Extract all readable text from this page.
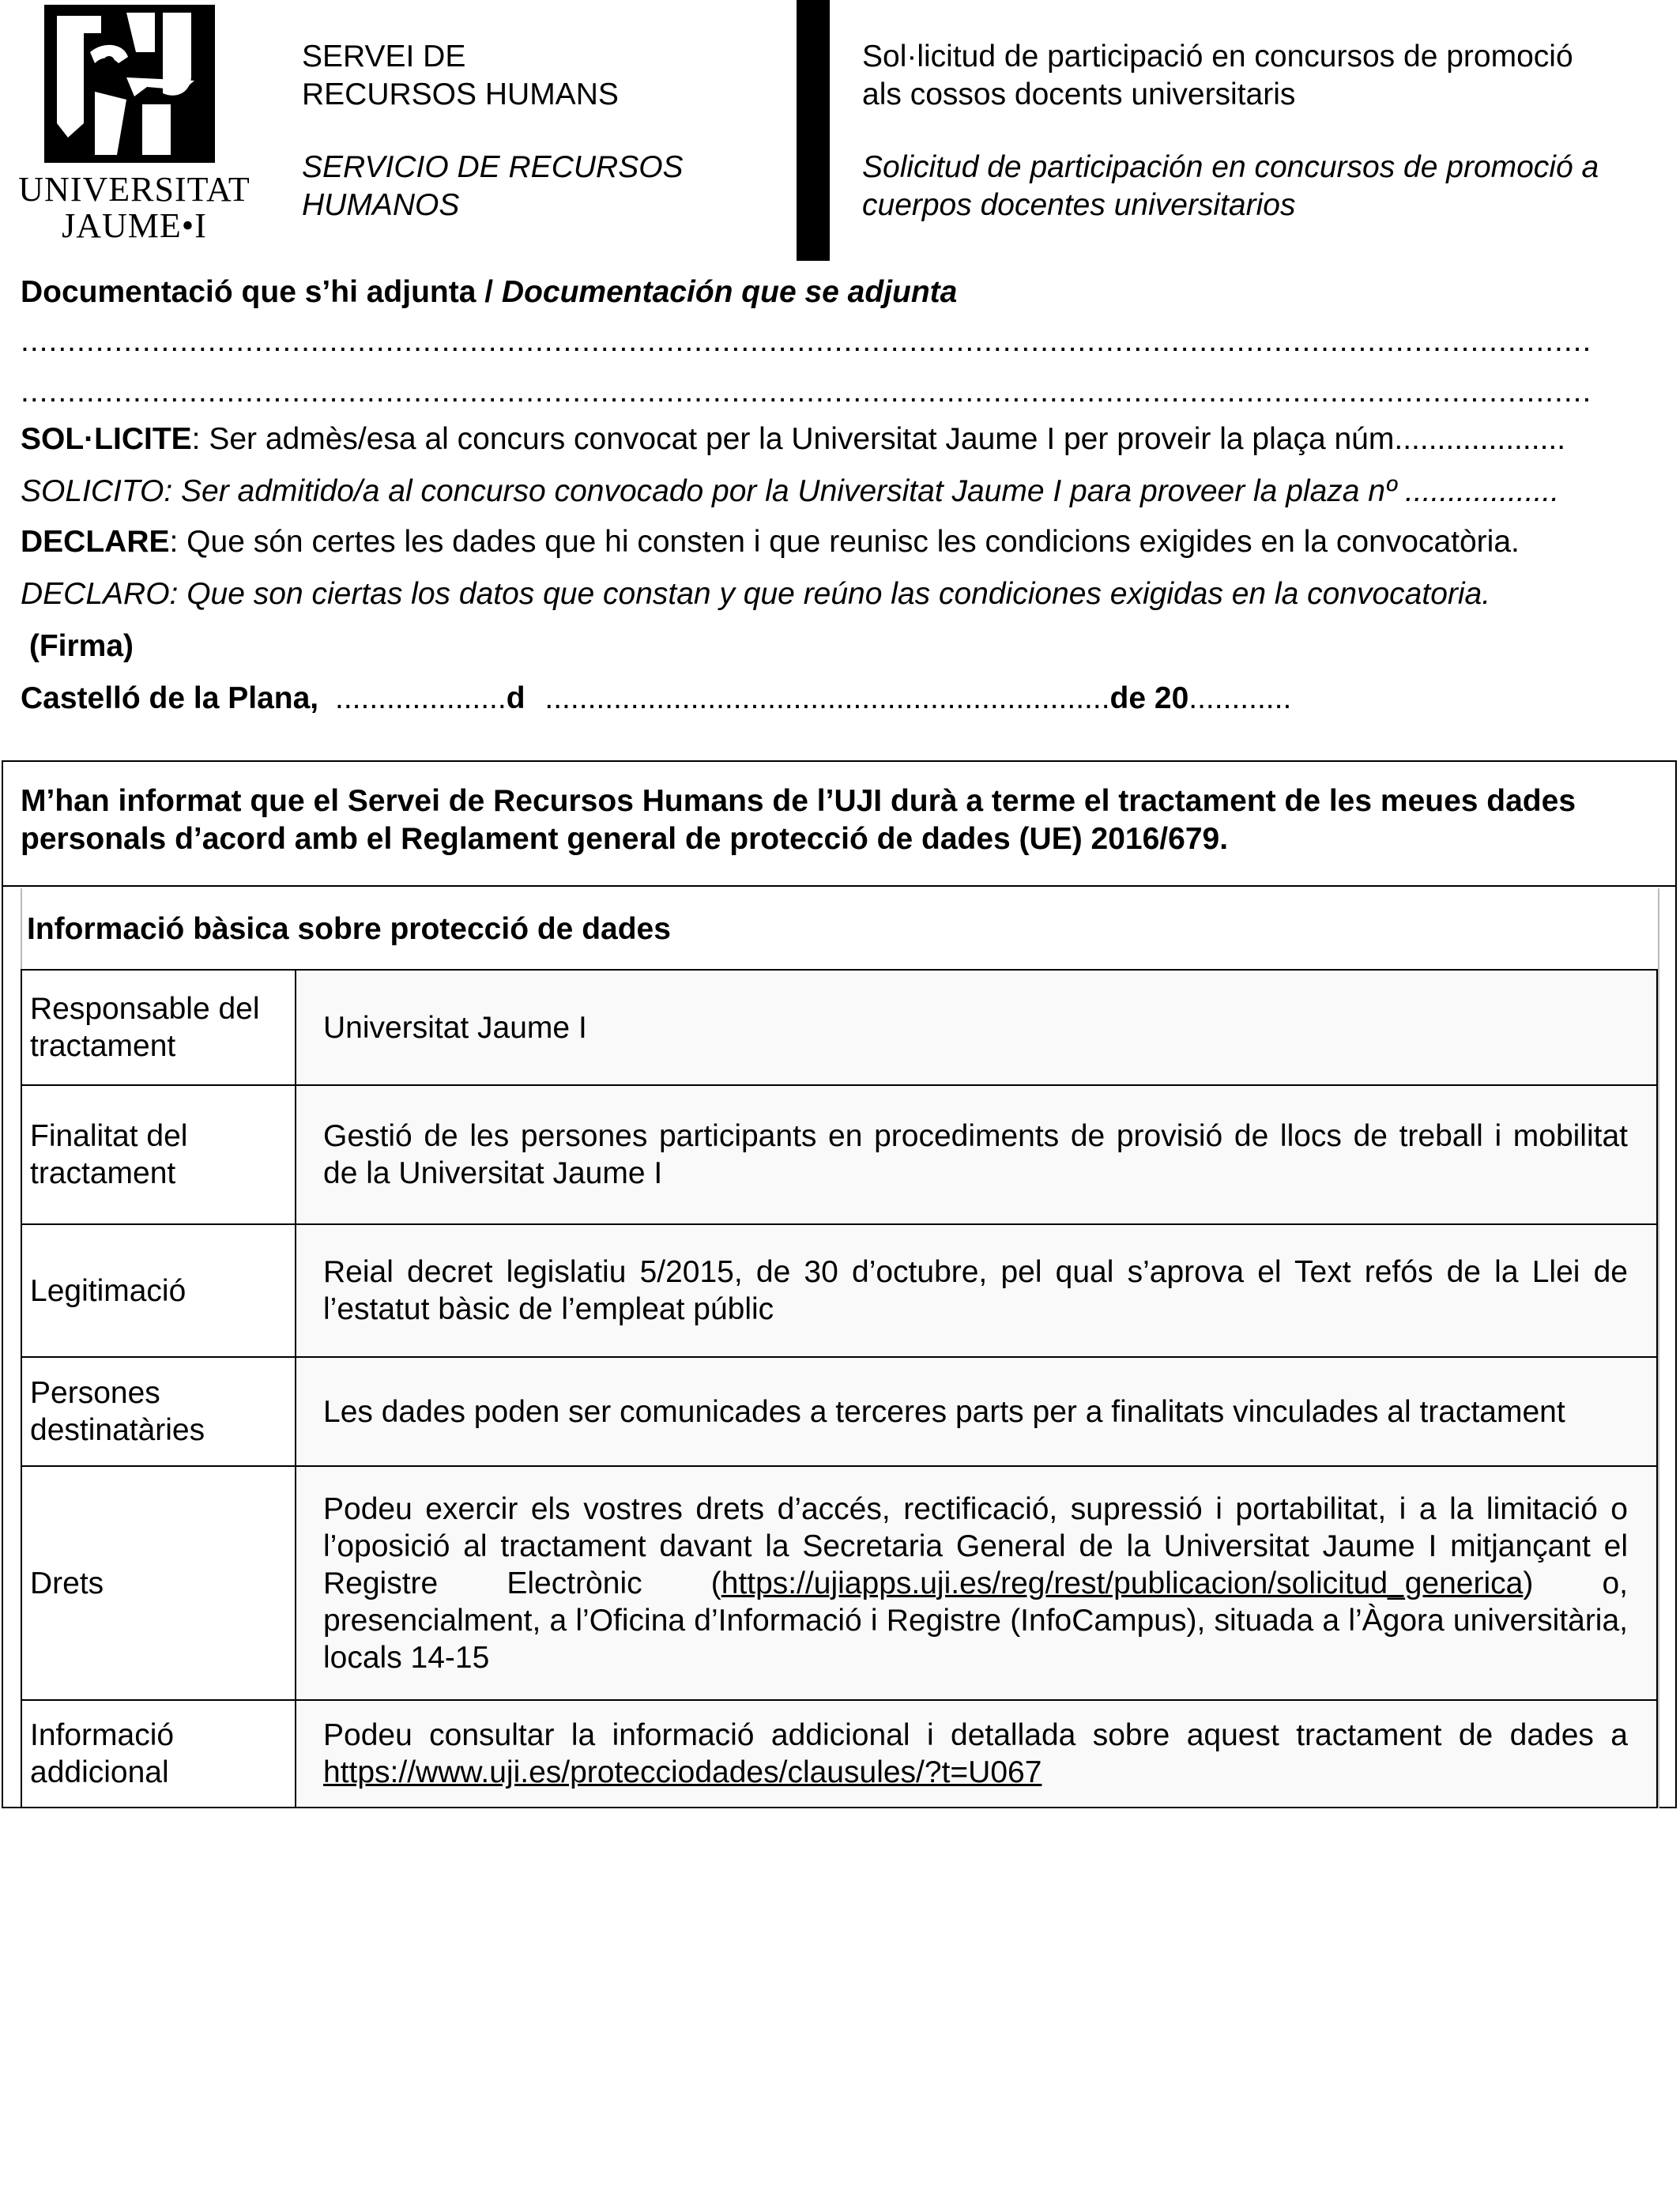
UNIVERSITAT
JAUME•I
SERVEI DE
RECURSOS HUMANS
SERVICIO DE RECURSOS
HUMANOS
Sol·licitud de participació en concursos de promoció
als cossos docents universitaris
Solicitud de participación en concursos de promoció a
cuerpos docentes universitarios
Documentació que s’hi adjunta / Documentación que se adjunta
........................................................................................................................................................................
........................................................................................................................................................................
SOL·LICITE: Ser admès/esa al concurs convocat per la Universitat Jaume I per proveir la plaça núm....................
SOLICITO: Ser admitido/a al concurso convocado por la Universitat Jaume I para proveer la plaza nº ..................
DECLARE: Que són certes les dades que hi consten i que reunisc les condicions exigides en la convocatòria.
DECLARO: Que son ciertas los datos que constan y que reúno las condiciones exigidas en la convocatoria.
(Firma)
Castelló de la Plana, ....................d ..................................................................de 20............
M’han informat que el Servei de Recursos Humans de l’UJI durà a terme el tractament de les meues dades personals d’acord amb el Reglament general de protecció de dades (UE) 2016/679.
Informació bàsica sobre protecció de dades
Responsable del tractament	Universitat Jaume I
Finalitat del tractament	Gestió de les persones participants en procediments de provisió de llocs de treball i mobilitat de la Universitat Jaume I
Legitimació	Reial decret legislatiu 5/2015, de 30 d’octubre, pel qual s’aprova el Text refós de la Llei de l’estatut bàsic de l’empleat públic
Persones destinatàries	Les dades poden ser comunicades a terceres parts per a finalitats vinculades al tractament
Drets	Podeu exercir els vostres drets d’accés, rectificació, supressió i portabilitat, i a la limitació o l’oposició al tractament davant la Secretaria General de la Universitat Jaume I mitjançant el Registre Electrònic (https://ujiapps.uji.es/reg/rest/publicacion/solicitud_generica) o, presencialment, a l’Oficina d’Informació i Registre (InfoCampus), situada a l’Àgora universitària, locals 14-15
Informació addicional	Podeu consultar la informació addicional i detallada sobre aquest tractament de dades a https://www.uji.es/protecciodades/clausules/?t=U067
